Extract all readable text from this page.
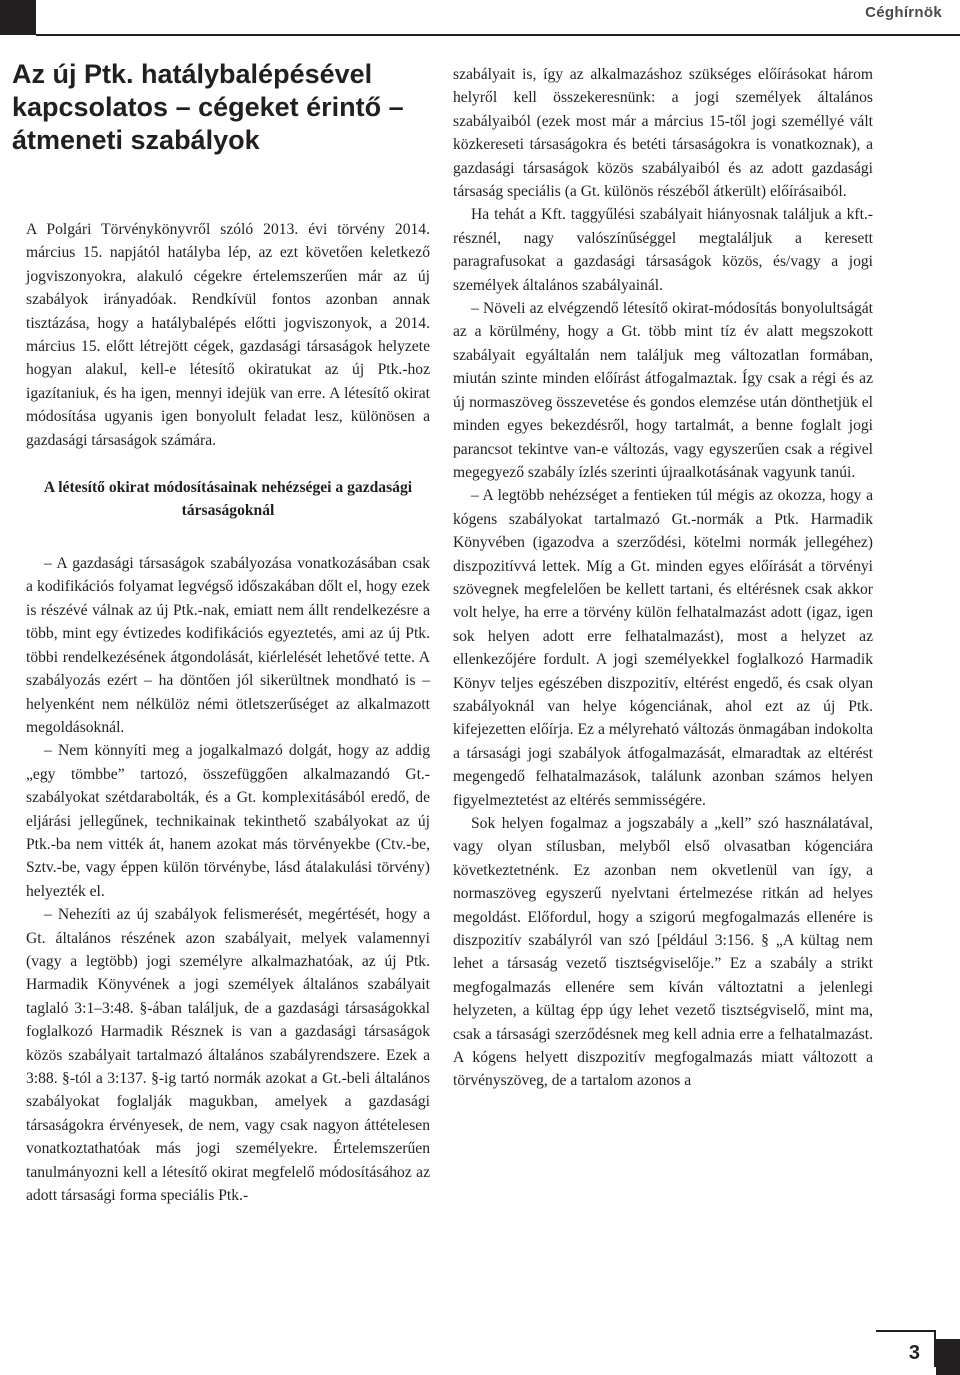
Céghírnök
Az új Ptk. hatálybalépésével kapcsolatos – cégeket érintő – átmeneti szabályok

A Polgári Törvénykönyvről szóló 2013. évi törvény 2014. március 15. napjától hatályba lép, az ezt követően keletkező jogviszonyokra, alakuló cégekre értelemszerűen már az új szabályok irányadóak. Rendkívül fontos azonban annak tisztázása, hogy a hatálybalépés előtti jogviszonyok, a 2014. március 15. előtt létrejött cégek, gazdasági társaságok helyzete hogyan alakul, kell-e létesítő okiratukat az új Ptk.-hoz igazítaniuk, és ha igen, mennyi idejük van erre. A létesítő okirat módosítása ugyanis igen bonyolult feladat lesz, különösen a gazdasági társaságok számára.

A létesítő okirat módosításainak nehézségei a gazdasági társaságoknál

– A gazdasági társaságok szabályozása vonatkozásában csak a kodifikációs folyamat legvégső időszakában dőlt el, hogy ezek is részévé válnak az új Ptk.-nak, emiatt nem állt rendelkezésre a több, mint egy évtizedes kodifikációs egyeztetés, ami az új Ptk. többi rendelkezésének átgondolását, kiérlelését lehetővé tette. A szabályozás ezért – ha döntően jól sikerültnek mondható is – helyenként nem nélkülöz némi ötletszerűséget az alkalmazott megoldásoknál.

– Nem könnyíti meg a jogalkalmazó dolgát, hogy az addig „egy tömbbe” tartozó, összefüggően alkalmazandó Gt.-szabályokat szétdarabolták, és a Gt. komplexitásából eredő, de eljárási jellegűnek, technikainak tekinthető szabályokat az új Ptk.-ba nem vitték át, hanem azokat más törvényekbe (Ctv.-be, Sztv.-be, vagy éppen külön törvénybe, lásd átalakulási törvény) helyezték el.

– Nehezíti az új szabályok felismerését, megértését, hogy a Gt. általános részének azon szabályait, melyek valamennyi (vagy a legtöbb) jogi személyre alkalmazhatóak, az új Ptk. Harmadik Könyvének a jogi személyek általános szabályait taglaló 3:1–3:48. §-ában találjuk, de a gazdasági társaságokkal foglalkozó Harmadik Résznek is van a gazdasági társaságok közös szabályait tartalmazó általános szabályrendszere. Ezek a 3:88. §-tól a 3:137. §-ig tartó normák azokat a Gt.-beli általános szabályokat foglalják magukban, amelyek a gazdasági társaságokra érvényesek, de nem, vagy csak nagyon áttételesen vonatkoztathatóak más jogi személyekre. Értelemszerűen tanulmányozni kell a létesítő okirat megfelelő módosításához az adott társasági forma speciális Ptk.-

szabályait is, így az alkalmazáshoz szükséges előírásokat három helyről kell összekeresnünk: a jogi személyek általános szabályaiból (ezek most már a március 15-től jogi személlyé vált közkereseti társaságokra és betéti társaságokra is vonatkoznak), a gazdasági társaságok közös szabályaiból és az adott gazdasági társaság speciális (a Gt. különös részéből átkerült) előírásaiból.

Ha tehát a Kft. taggyűlési szabályait hiányosnak találjuk a kft.-résznél, nagy valószínűséggel megtaláljuk a keresett paragrafusokat a gazdasági társaságok közös, és/vagy a jogi személyek általános szabályainál.

– Növeli az elvégzendő létesítő okirat-módosítás bonyolultságát az a körülmény, hogy a Gt. több mint tíz év alatt megszokott szabályait egyáltalán nem találjuk meg változatlan formában, miután szinte minden előírást átfogalmaztak. Így csak a régi és az új normaszöveg összevetése és gondos elemzése után dönthetjük el minden egyes bekezdésről, hogy tartalmát, a benne foglalt jogi parancsot tekintve van-e változás, vagy egyszerűen csak a régivel megegyező szabály ízlés szerinti újraalkotásának vagyunk tanúi.

– A legtöbb nehézséget a fentieken túl mégis az okozza, hogy a kógens szabályokat tartalmazó Gt.-normák a Ptk. Harmadik Könyvében (igazodva a szerződési, kötelmi normák jellegéhez) diszpozitívvá lettek. Míg a Gt. minden egyes előírását a törvényi szövegnek megfelelően be kellett tartani, és eltérésnek csak akkor volt helye, ha erre a törvény külön felhatalmazást adott (igaz, igen sok helyen adott erre felhatalmazást), most a helyzet az ellenkezőjére fordult. A jogi személyekkel foglalkozó Harmadik Könyv teljes egészében diszpozitív, eltérést engedő, és csak olyan szabályoknál van helye kógenciának, ahol ezt az új Ptk. kifejezetten előírja. Ez a mélyreható változás önmagában indokolta a társasági jogi szabályok átfogalmazását, elmaradtak az eltérést megengedő felhatalmazások, találunk azonban számos helyen figyelmeztetést az eltérés semmisségére.

Sok helyen fogalmaz a jogszabály a „kell” szó használatával, vagy olyan stílusban, melyből első olvasatban kógenciára következtetnénk. Ez azonban nem okvetlenül van így, a normaszöveg egyszerű nyelvtani értelmezése ritkán ad helyes megoldást. Előfordul, hogy a szigorú megfogalmazás ellenére is diszpozitív szabályról van szó [például 3:156. § „A kültag nem lehet a társaság vezető tisztségviselője.” Ez a szabály a strikt megfogalmazás ellenére sem kíván változtatni a jelenlegi helyzeten, a kültag épp úgy lehet vezető tisztségviselő, mint ma, csak a társasági szerződésnek meg kell adnia erre a felhatalmazást. A kógens helyett diszpozitív megfogalmazás miatt változott a törvényszöveg, de a tartalom azonos a

3
